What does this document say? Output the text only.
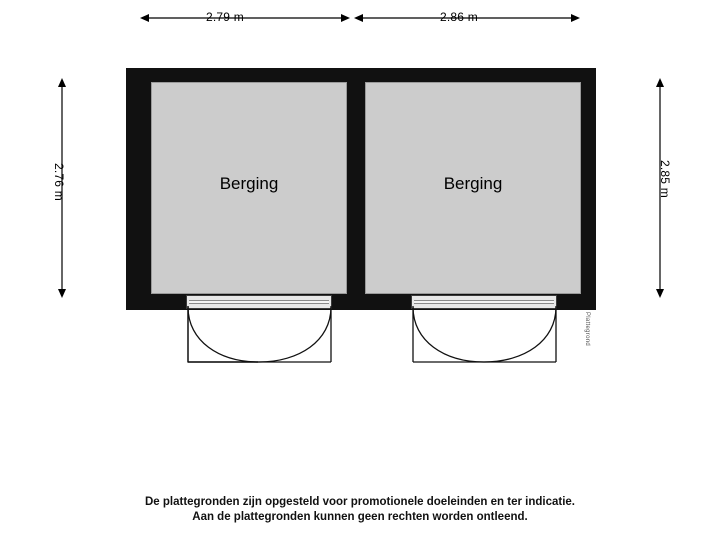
2.79 m	2.86 m
2.76 m	2.85 m
Berging	Berging
Plattegrond
De plattegronden zijn opgesteld voor promotionele doeleinden en ter indicatie.
Aan de plattegronden kunnen geen rechten worden ontleend.
